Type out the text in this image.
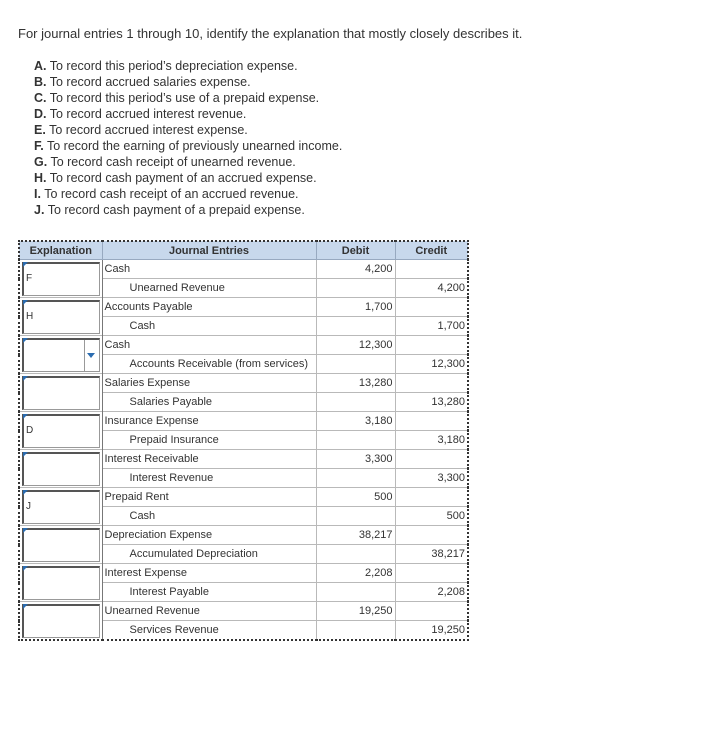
For journal entries 1 through 10, identify the explanation that mostly closely describes it.

A. To record this period’s depreciation expense.
B. To record accrued salaries expense.
C. To record this period’s use of a prepaid expense.
D. To record accrued interest revenue.
E. To record accrued interest expense.
F. To record the earning of previously unearned income.
G. To record cash receipt of unearned revenue.
H. To record cash payment of an accrued expense.
I. To record cash receipt of an accrued revenue.
J. To record cash payment of a prepaid expense.
Explanation	Journal Entries	Debit	Credit

F	Cash	4,200	
	Unearned Revenue		4,200

H	Accounts Payable	1,700	
	Cash		1,700

	Cash	12,300	
	Accounts Receivable (from services)		12,300

	Salaries Expense	13,280	
	Salaries Payable		13,280

D	Insurance Expense	3,180	
	Prepaid Insurance		3,180

	Interest Receivable	3,300	
	Interest Revenue		3,300

J	Prepaid Rent	500	
	Cash		500

	Depreciation Expense	38,217	
	Accumulated Depreciation		38,217

	Interest Expense	2,208	
	Interest Payable		2,208

	Unearned Revenue	19,250	
	Services Revenue		19,250
